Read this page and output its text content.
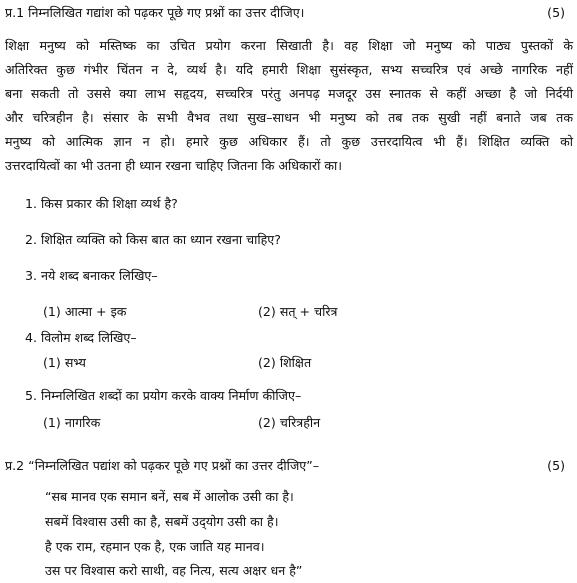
प्र.1 निम्नलिखित गद्यांश को पढ़कर पूछे गए प्रश्नों का उत्तर दीजिए।	(5)
शिक्षा मनुष्य को मस्तिष्क का उचित प्रयोग करना सिखाती है। वह शिक्षा जो मनुष्य को पाठ्य पुस्तकों के
अतिरिक्त कुछ गंभीर चिंतन न दे, व्यर्थ है। यदि हमारी शिक्षा सुसंस्कृत, सभ्य सच्चरित्र एवं अच्छे नागरिक नहीं
बना सकती तो उससे क्या लाभ सहृदय, सच्चरित्र परंतु अनपढ़ मजदूर उस स्नातक से कहीं अच्छा है जो निर्दयी
और चरित्रहीन है। संसार के सभी वैभव तथा सुख–साधन भी मनुष्य को तब तक सुखी नहीं बनाते जब तक
मनुष्य को आत्मिक ज्ञान न हो। हमारे कुछ अधिकार हैं। तो कुछ उत्तरदायित्व भी हैं। शिक्षित व्यक्ति को
उत्तरदायित्वों का भी उतना ही ध्यान रखना चाहिए जितना कि अधिकारों का।
1. किस प्रकार की शिक्षा व्यर्थ है?
2. शिक्षित व्यक्ति को किस बात का ध्यान रखना चाहिए?
3. नये शब्द बनाकर लिखिए–
(1) आत्मा + इक	(2) सत् + चरित्र
4. विलोम शब्द लिखिए–
(1) सभ्य	(2) शिक्षित
5. निम्नलिखित शब्दों का प्रयोग करके वाक्य निर्माण कीजिए–
(1) नागरिक	(2) चरित्रहीन
प्र.2 “निम्नलिखित पद्यांश को पढ़कर पूछे गए प्रश्नों का उत्तर दीजिए”–	(5)
“सब मानव एक समान बनें, सब में आलोक उसी का है।
सबमें विश्वास उसी का है, सबमें उद्‌योग उसी का है।
है एक राम, रहमान एक है, एक जाति यह मानव।
उस पर विश्वास करो साथी, वह नित्य, सत्य अक्षर धन है”
